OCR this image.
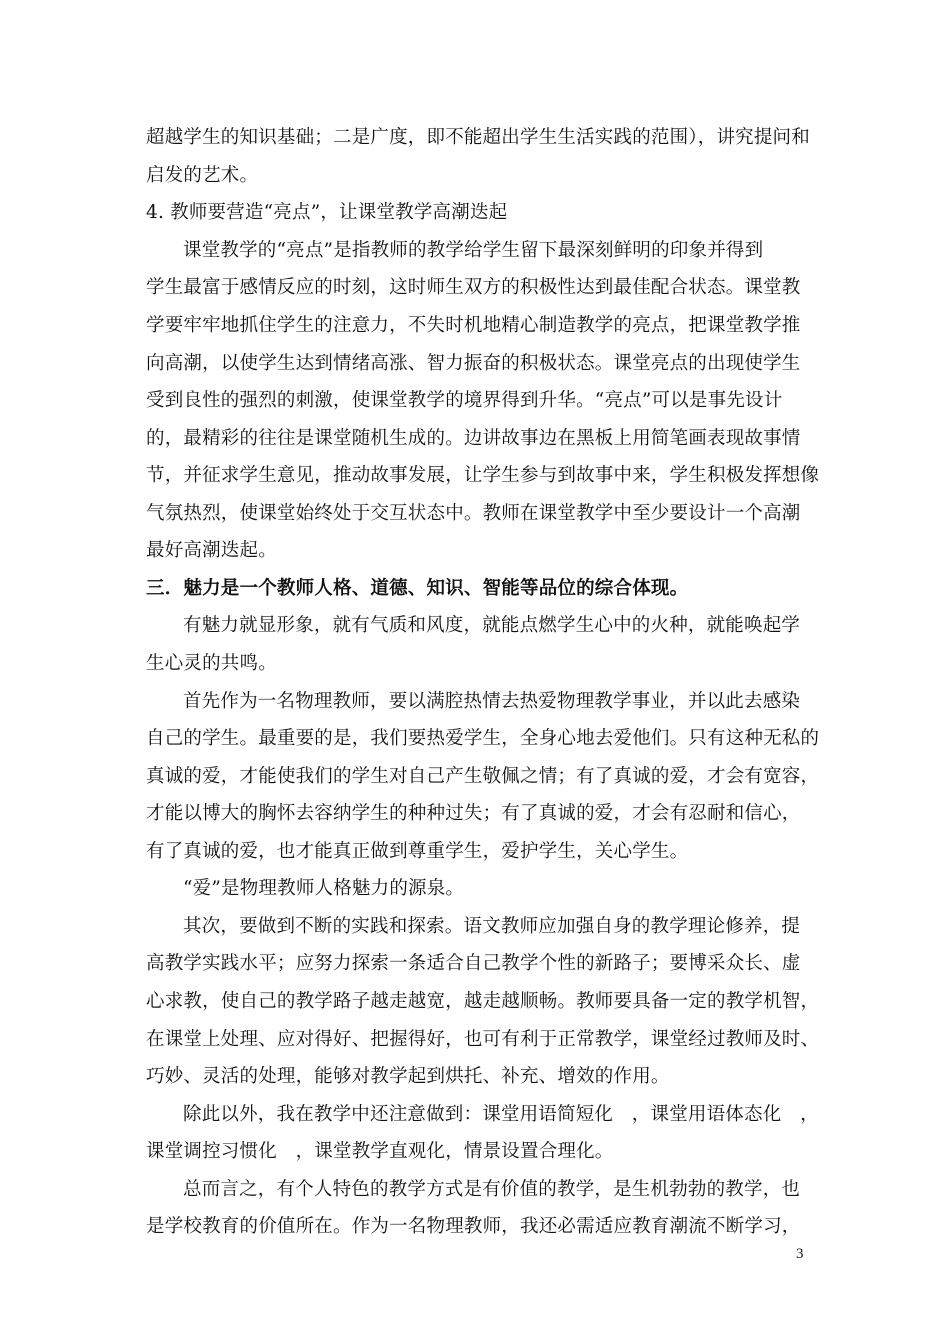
超越学生的知识基础；二是广度，即不能超出学生生活实践的范围），讲究提问和
启发的艺术。
4. 教师要营造“亮点”，让课堂教学高潮迭起
课堂教学的“亮点”是指教师的教学给学生留下最深刻鲜明的印象并得到
学生最富于感情反应的时刻，这时师生双方的积极性达到最佳配合状态。课堂教
学要牢牢地抓住学生的注意力，不失时机地精心制造教学的亮点，把课堂教学推
向高潮，以使学生达到情绪高涨、智力振奋的积极状态。课堂亮点的出现使学生
受到良性的强烈的刺激，使课堂教学的境界得到升华。“亮点”可以是事先设计
的，最精彩的往往是课堂随机生成的。边讲故事边在黑板上用简笔画表现故事情
节，并征求学生意见，推动故事发展，让学生参与到故事中来，学生积极发挥想像
气氛热烈，使课堂始终处于交互状态中。教师在课堂教学中至少要设计一个高潮
最好高潮迭起。
三．魅力是一个教师人格、道德、知识、智能等品位的综合体现。
有魅力就显形象，就有气质和风度，就能点燃学生心中的火种，就能唤起学
生心灵的共鸣。
首先作为一名物理教师，要以满腔热情去热爱物理教学事业，并以此去感染
自己的学生。最重要的是，我们要热爱学生，全身心地去爱他们。只有这种无私的
真诚的爱，才能使我们的学生对自己产生敬佩之情；有了真诚的爱，才会有宽容，
才能以博大的胸怀去容纳学生的种种过失；有了真诚的爱，才会有忍耐和信心，
有了真诚的爱，也才能真正做到尊重学生，爱护学生，关心学生。
“爱”是物理教师人格魅力的源泉。
其次，要做到不断的实践和探索。语文教师应加强自身的教学理论修养，提
高教学实践水平；应努力探索一条适合自己教学个性的新路子；要博采众长、虚
心求教，使自己的教学路子越走越宽，越走越顺畅。教师要具备一定的教学机智，
在课堂上处理、应对得好、把握得好，也可有利于正常教学，课堂经过教师及时、
巧妙、灵活的处理，能够对教学起到烘托、补充、增效的作用。
除此以外，我在教学中还注意做到：课堂用语简短化　，课堂用语体态化　，
课堂调控习惯化　，课堂教学直观化，情景设置合理化。
总而言之，有个人特色的教学方式是有价值的教学，是生机勃勃的教学，也
是学校教育的价值所在。作为一名物理教师，我还必需适应教育潮流不断学习，
3
